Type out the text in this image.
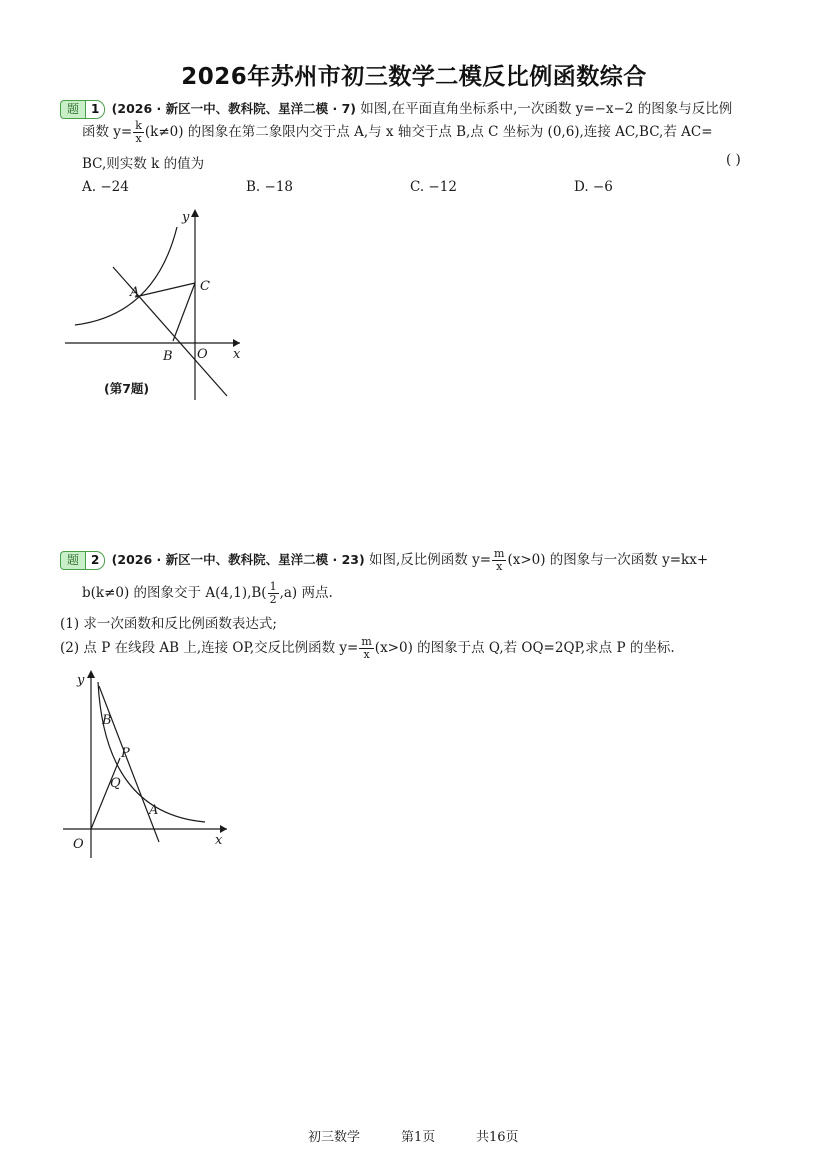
2026年苏州市初三数学二模反比例函数综合
题	1 (2026 · 新区一中、教科院、星洋二模 · 7) 如图,在平面直角坐标系中,一次函数 y=−x−2 的图象与反比例
函数 $y= \frac{k}{x} (k\ne 0)$ 的图象在第二象限内交于点 A,与 x 轴交于点 B,点 C 坐标为 (0,6),连接 AC,BC,若 AC=
BC,则实数 k 的值为	( )
A. −24	B. −18	C. −12	D. −6
y
x
A
B
C
O
(第7题)
题	2 (2026 · 新区一中、教科院、星洋二模 · 23) 如图,反比例函数 $y= \frac{m}{x} (x>0)$ 的图象与一次函数 y=kx+
b(k≠0) 的图象交于 $A(4,1),B( \frac{1}{2} ,a)$ 两点.
(1) 求一次函数和反比例函数表达式;
(2) 点 P 在线段 AB 上,连接 OP,交反比例函数 $y= \frac{m}{x} (x>0)$ 的图象于点 Q,若 OQ=2QP,求点 P 的坐标.
y
x
B
P
Q
A
O
初三数学	第1页	共16页
